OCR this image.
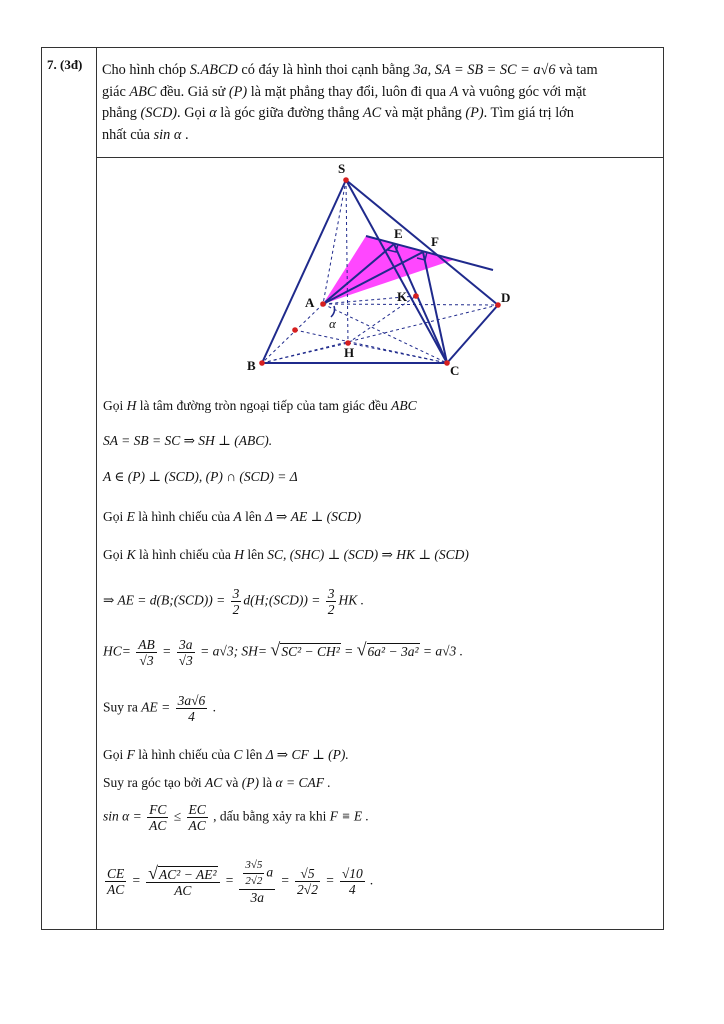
7. (3đ) Cho hình chóp S.ABCD có đáy là hình thoi cạnh bằng 3a, SA = SB = SC = a√6 và tam
giác ABC đều. Giả sử (P) là mặt phẳng thay đổi, luôn đi qua A và vuông góc với mặt
phẳng (SCD). Gọi α là góc giữa đường thẳng AC và mặt phẳng (P). Tìm giá trị lớn
nhất của sin α .
S
A
B	C
D
E
F
H
K
α
Gọi H là tâm đường tròn ngoại tiếp của tam giác đều ABC
SA = SB = SC ⇒ SH ⊥ (ABC).
A ∈ (P) ⊥ (SCD), (P) ∩ (SCD) = Δ
Gọi E là hình chiếu của A lên Δ ⇒ AE ⊥ (SCD)
Gọi K là hình chiếu của H lên SC, (SHC) ⊥ (SCD) ⇒ HK ⊥ (SCD)
⇒ AE = d(B;(SCD)) = $\frac{3}{2}$ d(H;(SCD)) = $\frac{3}{2}$ HK .
$HC= \frac{AB}{√3} = \frac{3a}{√3} = a√3$; SH= √SC² − CH² = √6a² − 3a² = a√3 .
Suy ra AE = $\frac{3a√6}{4}$ .
Gọi F là hình chiếu của C lên Δ ⇒ CF ⊥ (P).
Suy ra góc tạo bởi AC và (P) là α = CAF .
$\sin \alpha = \frac{FC}{AC} \le \frac{EC}{AC}$ , dấu bằng xảy ra khi F ≡ E .
$\frac{CE}{AC} = \frac{\text{√AC² − AE²}}{AC} = \frac{\frac{3√5}{2√2} a}{3a} = \frac{√5}{2√2} = \frac{√10}{4}$ .
